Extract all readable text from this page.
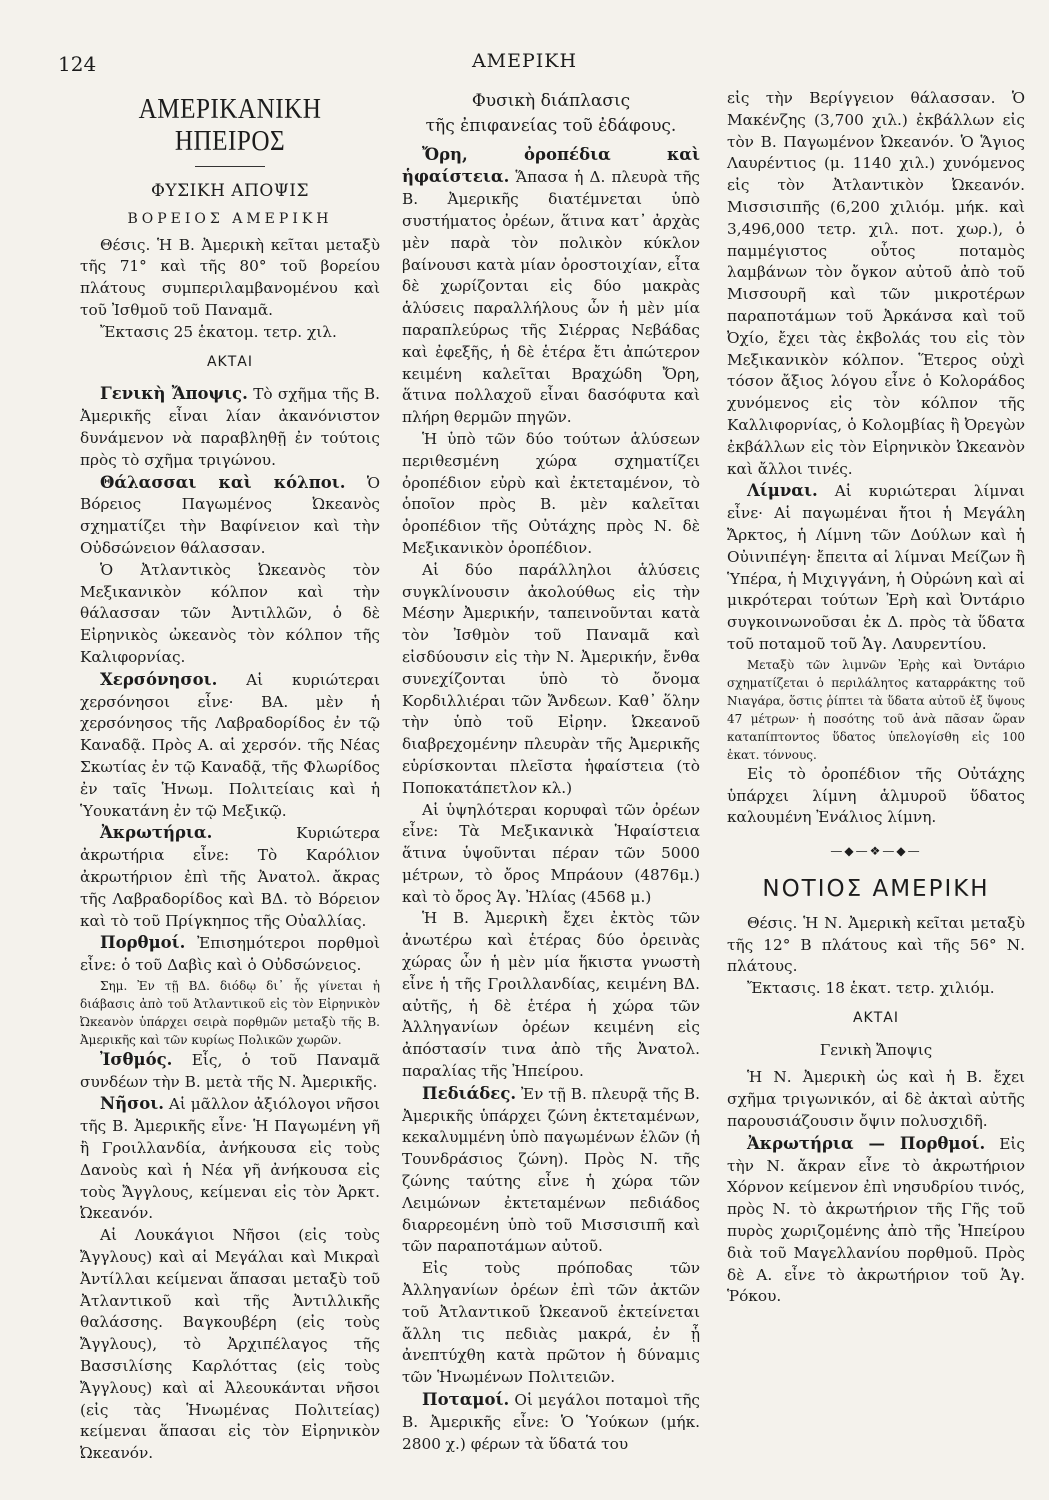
124	ΑΜΕΡΙΚΗ
ΑΜΕΡΙΚΑΝΙΚΗ ΗΠΕΙΡΟΣ
ΦΥΣΙΚΗ ΑΠΟΨΙΣ
ΒΟΡΕΙΟΣ ΑΜΕΡΙΚΗ

Θέσις. Ἡ Β. Ἀμερικὴ κεῖται μεταξὺ τῆς 71° καὶ τῆς 80° τοῦ βορείου πλάτους συμπεριλαμβανομένου καὶ τοῦ Ἰσθμοῦ τοῦ Παναμᾶ.

Ἔκτασις 25 ἑκατομ. τετρ. χιλ.

ΑΚΤΑΙ

Γενικὴ Ἄποψις. Τὸ σχῆμα τῆς Β. Ἀμερικῆς εἶναι λίαν ἀκανόνιστον δυνάμενον νὰ παραβληθῇ ἐν τούτοις πρὸς τὸ σχῆμα τριγώνου.

Θάλασσαι καὶ κόλποι. Ὁ Βόρειος Παγωμένος Ὠκεανὸς σχηματίζει τὴν Βαφίνειον καὶ τὴν Οὐδσώνειον θάλασσαν.

Ὁ Ἀτλαντικὸς Ὠκεανὸς τὸν Μεξικανικὸν κόλπον καὶ τὴν θάλασσαν τῶν Ἀντιλλῶν, ὁ δὲ Εἰρηνικὸς ὠκεανὸς τὸν κόλπον τῆς Καλιφορνίας.

Χερσόνησοι. Αἱ κυριώτεραι χερσόνησοι εἶνε· ΒΑ. μὲν ἡ χερσόνησος τῆς Λαβραδορίδος ἐν τῷ Καναδᾷ. Πρὸς Α. αἱ χερσόν. τῆς Νέας Σκωτίας ἐν τῷ Καναδᾷ, τῆς Φλωρίδος ἐν ταῖς Ἡνωμ. Πολιτείαις καὶ ἡ Ὑουκατάνη ἐν τῷ Μεξικῷ.

Ἀκρωτήρια.	Κυριώτερα ἀκρωτήρια εἶνε: Τὸ Καρόλιον ἀκρωτήριον ἐπὶ τῆς Ἀνατολ. ἄκρας τῆς Λαβραδορίδος καὶ ΒΔ. τὸ Βόρειον καὶ τὸ τοῦ Πρίγκηπος τῆς Οὐαλλίας.

Πορθμοί. Ἐπισημότεροι πορθμοὶ εἶνε: ὁ τοῦ Δαβὶς καὶ ὁ Οὐδσώνειος.

Σημ. Ἐν τῇ ΒΔ. διόδῳ δι᾽ ἧς γίνεται ἡ διάβασις ἀπὸ τοῦ Ἀτλαντικοῦ εἰς τὸν Εἰρηνικὸν Ὠκεανὸν ὑπάρχει σειρὰ πορθμῶν μεταξὺ τῆς Β. Ἀμερικῆς καὶ τῶν κυρίως Πολικῶν χωρῶν.

Ἰσθμός. Εἷς, ὁ τοῦ Παναμᾶ συνδέων τὴν Β. μετὰ τῆς Ν. Ἀμερικῆς.

Νῆσοι. Αἱ μᾶλλον ἀξιόλογοι νῆσοι τῆς Β. Ἀμερικῆς εἶνε· Ἡ Παγωμένη γῆ ἢ Γροιλλανδία, ἀνήκουσα εἰς τοὺς Δανοὺς καὶ ἡ Νέα γῆ ἀνήκουσα εἰς τοὺς Ἄγγλους, κείμεναι εἰς τὸν Ἀρκτ. Ὠκεανόν.

Αἱ Λουκάγιοι Νῆσοι (εἰς τοὺς Ἄγγλους) καὶ αἱ Μεγάλαι καὶ Μικραὶ Ἀντίλλαι κείμεναι ἅπασαι μεταξὺ τοῦ Ἀτλαντικοῦ καὶ τῆς Ἀντιλλικῆς θαλάσσης. Βαγκουβέρη (εἰς τοὺς Ἄγγλους), τὸ Ἀρχιπέλαγος τῆς Βασσιλίσης Καρλόττας (εἰς τοὺς Ἄγγλους) καὶ αἱ Ἀλεουκάνται νῆσοι (εἰς τὰς Ἡνωμένας Πολιτείας) κείμεναι ἅπασαι εἰς τὸν Εἰρηνικὸν Ὠκεανόν.

Φυσικὴ διάπλασις
τῆς ἐπιφανείας τοῦ ἐδάφους.

Ὄρη, ὀροπέδια καὶ ἡφαίστεια. Ἅπασα ἡ Δ. πλευρὰ τῆς Β. Ἀμερικῆς διατέμνεται ὑπὸ συστήματος ὀρέων, ἅτινα κατ᾽ ἀρχὰς μὲν παρὰ τὸν πολικὸν κύκλον βαίνουσι κατὰ μίαν ὀροστοιχίαν, εἶτα δὲ χωρίζονται εἰς δύο μακρὰς ἁλύσεις παραλλήλους ὧν ἡ μὲν μία παραπλεύρως τῆς Σιέρρας Νεβάδας καὶ ἐφεξῆς, ἡ δὲ ἑτέρα ἔτι ἀπώτερον κειμένη καλεῖται Βραχώδη Ὄρη, ἅτινα πολλαχοῦ εἶναι δασόφυτα καὶ πλήρη θερμῶν πηγῶν.

Ἡ ὑπὸ τῶν δύο τούτων ἁλύσεων περιθεσμένη χώρα σχηματίζει ὀροπέδιον εὐρὺ καὶ ἐκτεταμένον, τὸ ὁποῖον πρὸς Β. μὲν καλεῖται ὀροπέδιον τῆς Οὐτάχης πρὸς Ν. δὲ Μεξικανικὸν ὀροπέδιον.

Αἱ δύο παράλληλοι ἁλύσεις συγκλίνουσιν ἀκολούθως εἰς τὴν Μέσην Ἀμερικήν, ταπεινοῦνται κατὰ τὸν Ἰσθμὸν τοῦ Παναμᾶ καὶ εἰσδύουσιν εἰς τὴν Ν. Ἀμερικήν, ἔνθα συνεχίζονται ὑπὸ τὸ ὄνομα Κορδιλλιέραι τῶν Ἄνδεων. Καθ᾽ ὅλην τὴν ὑπὸ τοῦ Εἰρην. Ὠκεανοῦ διαβρεχομένην πλευρὰν τῆς Ἀμερικῆς εὑρίσκονται πλεῖστα ἡφαίστεια (τὸ Ποποκατάπετλον κλ.)

Αἱ ὑψηλότεραι κορυφαὶ τῶν ὀρέων εἶνε: Τὰ Μεξικανικὰ Ἡφαίστεια ἅτινα ὑψοῦνται πέραν τῶν 5000 μέτρων, τὸ ὄρος Μπράουν (4876μ.) καὶ τὸ ὄρος Ἁγ. Ἠλίας (4568 μ.)

Ἡ Β. Ἀμερικὴ ἔχει ἐκτὸς τῶν ἀνωτέρω καὶ ἑτέρας δύο ὀρεινὰς χώρας ὧν ἡ μὲν μία ἥκιστα γνωστὴ εἶνε ἡ τῆς Γροιλλανδίας, κειμένη ΒΔ. αὐτῆς, ἡ δὲ ἑτέρα ἡ χώρα τῶν Ἀλληγανίων ὀρέων κειμένη εἰς ἀπόστασίν τινα ἀπὸ τῆς Ἀνατολ. παραλίας τῆς Ἠπείρου.

Πεδιάδες. Ἐν τῇ Β. πλευρᾷ τῆς Β. Ἀμερικῆς ὑπάρχει ζώνη ἐκτεταμένων, κεκαλυμμένη ὑπὸ παγωμένων ἑλῶν (ἡ Τουνδράσιος ζώνη). Πρὸς Ν. τῆς ζώνης ταύτης εἶνε ἡ χώρα τῶν Λειμώνων ἐκτεταμένων πεδιάδος διαρρεομένη ὑπὸ τοῦ Μισσισιπῆ καὶ τῶν παραποτάμων αὐτοῦ.

Εἰς τοὺς πρόποδας τῶν Ἀλληγανίων ὀρέων ἐπὶ τῶν ἀκτῶν τοῦ Ἀτλαντικοῦ Ὠκεανοῦ ἐκτείνεται ἄλλη τις πεδιὰς μακρά, ἐν ᾗ ἀνεπτύχθη κατὰ πρῶτον ἡ δύναμις τῶν Ἡνωμένων Πολιτειῶν.

Ποταμοί. Οἱ μεγάλοι ποταμοὶ τῆς Β. Ἀμερικῆς εἶνε: Ὁ Ὑούκων (μήκ. 2800 χ.) φέρων τὰ ὕδατά του

εἰς τὴν Βερίγγειον θάλασσαν. Ὁ Μακένζης (3,700 χιλ.) ἐκβάλλων εἰς τὸν Β. Παγωμένον Ὠκεανόν. Ὁ Ἅγιος Λαυρέντιος (μ. 1140 χιλ.) χυνόμενος εἰς τὸν Ἀτλαντικὸν Ὠκεανόν. Μισσισιπῆς (6,200 χιλιόμ. μήκ. καὶ 3,496,000 τετρ. χιλ. ποτ. χωρ.), ὁ παμμέγιστος οὗτος ποταμὸς λαμβάνων τὸν ὄγκον αὐτοῦ ἀπὸ τοῦ Μισσουρῆ καὶ τῶν μικροτέρων παραποτάμων τοῦ Ἀρκάνσα καὶ τοῦ Ὀχίο, ἔχει τὰς ἐκβολάς του εἰς τὸν Μεξικανικὸν κόλπον. Ἕτερος οὐχὶ τόσον ἄξιος λόγου εἶνε ὁ Κολοράδος χυνόμενος εἰς τὸν κόλπον τῆς Καλλιφορνίας, ὁ Κολομβίας ἢ Ὀρεγὼν ἐκβάλλων εἰς τὸν Εἰρηνικὸν Ὠκεανὸν καὶ ἄλλοι τινές.

Λίμναι. Αἱ κυριώτεραι λίμναι εἶνε· Αἱ παγωμέναι ἤτοι ἡ Μεγάλη Ἄρκτος, ἡ Λίμνη τῶν Δούλων καὶ ἡ Οὐινιπέγη· ἔπειτα αἱ λίμναι Μείζων ἢ Ὑπέρα, ἡ Μιχιγγάνη, ἡ Οὐρώνη καὶ αἱ μικρότεραι τούτων Ἐρὴ καὶ Ὀντάριο συγκοινωνοῦσαι ἐκ Δ. πρὸς τὰ ὕδατα τοῦ ποταμοῦ τοῦ Ἁγ. Λαυρεντίου.

Μεταξὺ τῶν λιμνῶν Ἐρὴς καὶ Ὀντάριο σχηματίζεται ὁ περιλάλητος καταρράκτης τοῦ Νιαγάρα, ὅστις ῥίπτει τὰ ὕδατα αὐτοῦ ἐξ ὕψους 47 μέτρων· ἡ ποσότης τοῦ ἀνὰ πᾶσαν ὥραν καταπίπτοντος ὕδατος ὑπελογίσθη εἰς 100 ἑκατ. τόννους.

Εἰς τὸ ὀροπέδιον τῆς Οὐτάχης ὑπάρχει λίμνη ἁλμυροῦ ὕδατος καλουμένη Ἐνάλιος λίμνη.

—◆—❖—◆—
ΝΟΤΙΟΣ ΑΜΕΡΙΚΗ

Θέσις. Ἡ Ν. Ἀμερικὴ κεῖται μεταξὺ τῆς 12° Β πλάτους καὶ τῆς 56° Ν. πλάτους.

Ἔκτασις. 18 ἑκατ. τετρ. χιλιόμ.

ΑΚΤΑΙ
Γενικὴ Ἄποψις

Ἡ Ν. Ἀμερικὴ ὡς καὶ ἡ Β. ἔχει σχῆμα τριγωνικόν, αἱ δὲ ἀκταὶ αὐτῆς παρουσιάζουσιν ὄψιν πολυσχιδῆ.

Ἀκρωτήρια — Πορθμοί. Εἰς τὴν Ν. ἄκραν εἶνε τὸ ἀκρωτήριον Χόρνον κείμενον ἐπὶ νησυδρίου τινός, πρὸς Ν. τὸ ἀκρωτήριον τῆς Γῆς τοῦ πυρὸς χωριζομένης ἀπὸ τῆς Ἠπείρου διὰ τοῦ Μαγελλανίου πορθμοῦ. Πρὸς δὲ Α. εἶνε τὸ ἀκρωτήριον τοῦ Ἁγ. Ῥόκου.
